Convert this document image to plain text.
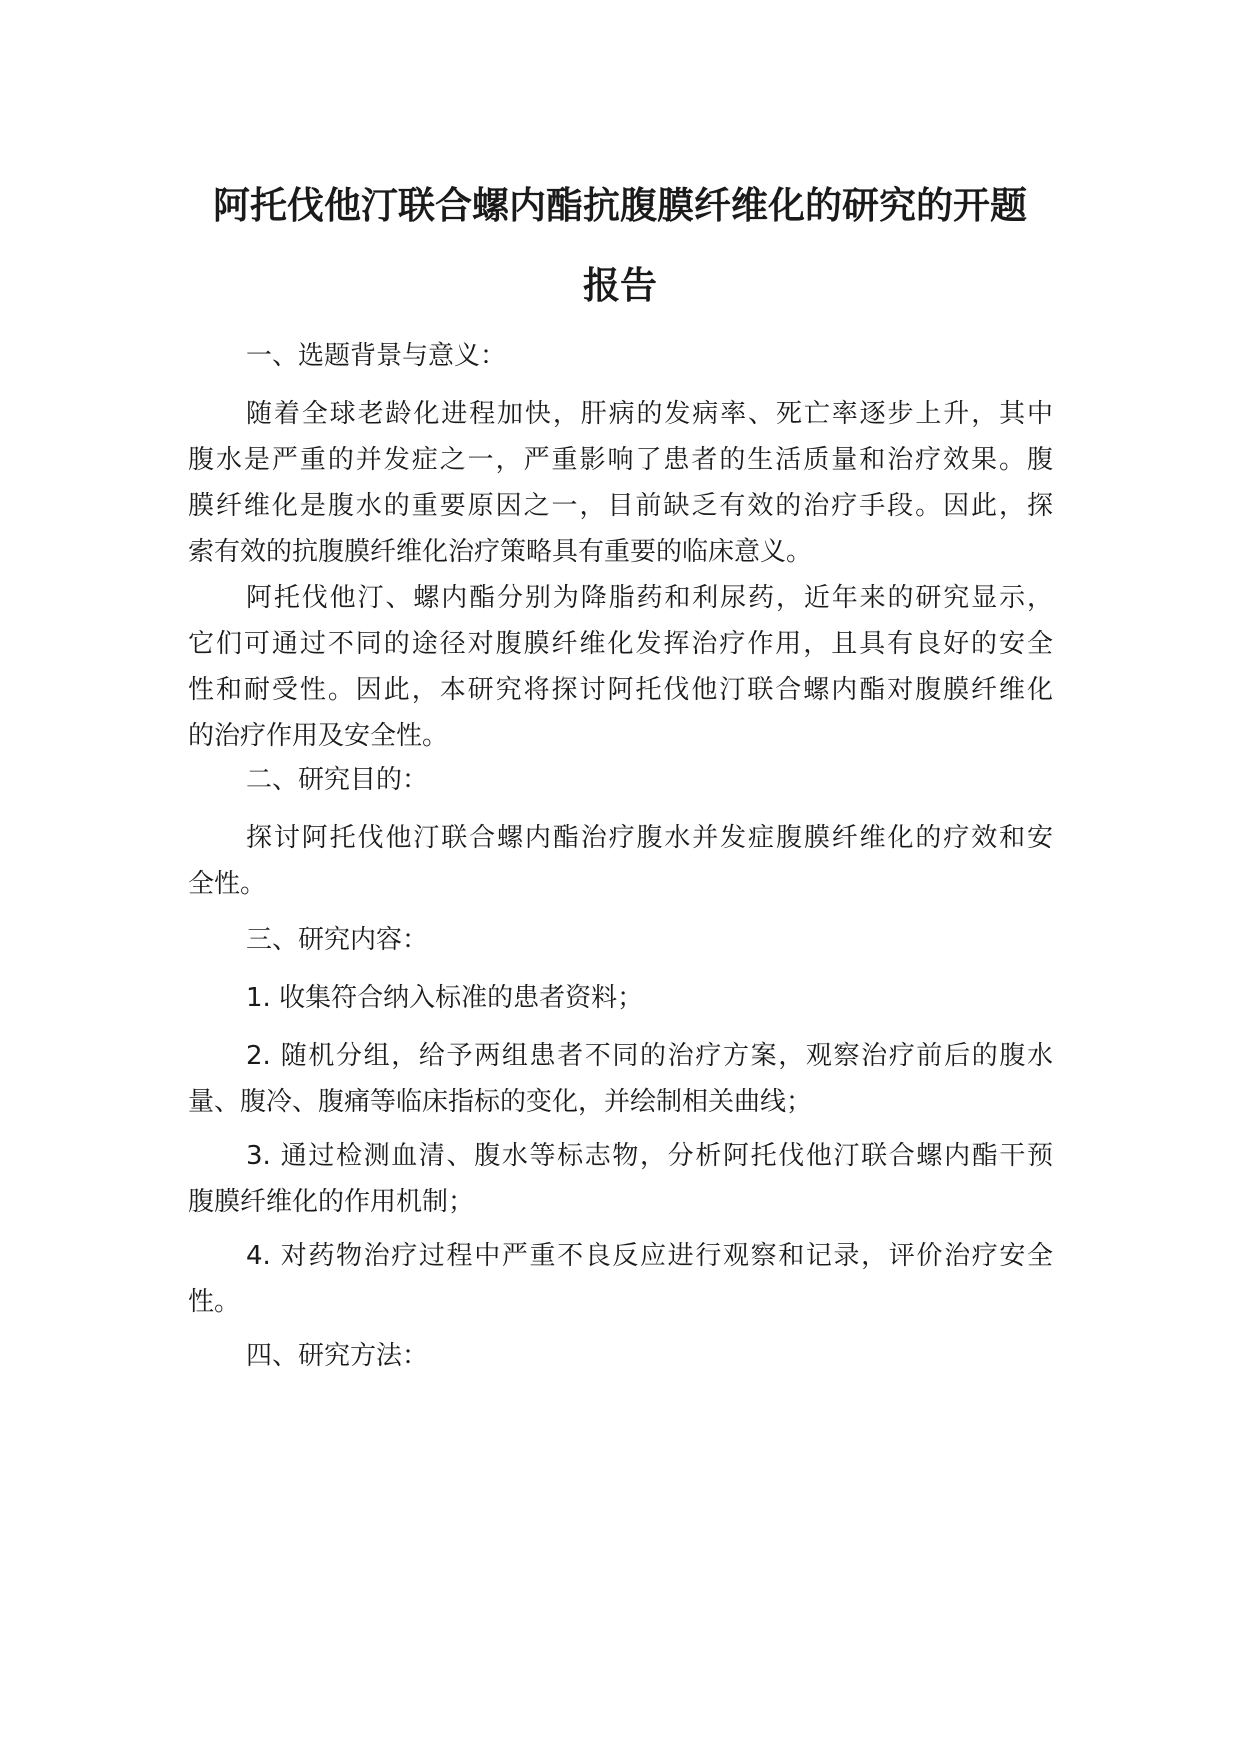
阿托伐他汀联合螺内酯抗腹膜纤维化的研究的开题
报告
一、选题背景与意义：
随着全球老龄化进程加快，肝病的发病率、死亡率逐步上升，其中
腹水是严重的并发症之一，严重影响了患者的生活质量和治疗效果。腹
膜纤维化是腹水的重要原因之一，目前缺乏有效的治疗手段。因此，探
索有效的抗腹膜纤维化治疗策略具有重要的临床意义。
阿托伐他汀、螺内酯分别为降脂药和利尿药，近年来的研究显示，
它们可通过不同的途径对腹膜纤维化发挥治疗作用，且具有良好的安全
性和耐受性。因此，本研究将探讨阿托伐他汀联合螺内酯对腹膜纤维化
的治疗作用及安全性。
二、研究目的：
探讨阿托伐他汀联合螺内酯治疗腹水并发症腹膜纤维化的疗效和安
全性。
三、研究内容：
1. 收集符合纳入标准的患者资料；
2. 随机分组，给予两组患者不同的治疗方案，观察治疗前后的腹水
量、腹冷、腹痛等临床指标的变化，并绘制相关曲线；
3. 通过检测血清、腹水等标志物，分析阿托伐他汀联合螺内酯干预
腹膜纤维化的作用机制；
4. 对药物治疗过程中严重不良反应进行观察和记录，评价治疗安全
性。
四、研究方法：
